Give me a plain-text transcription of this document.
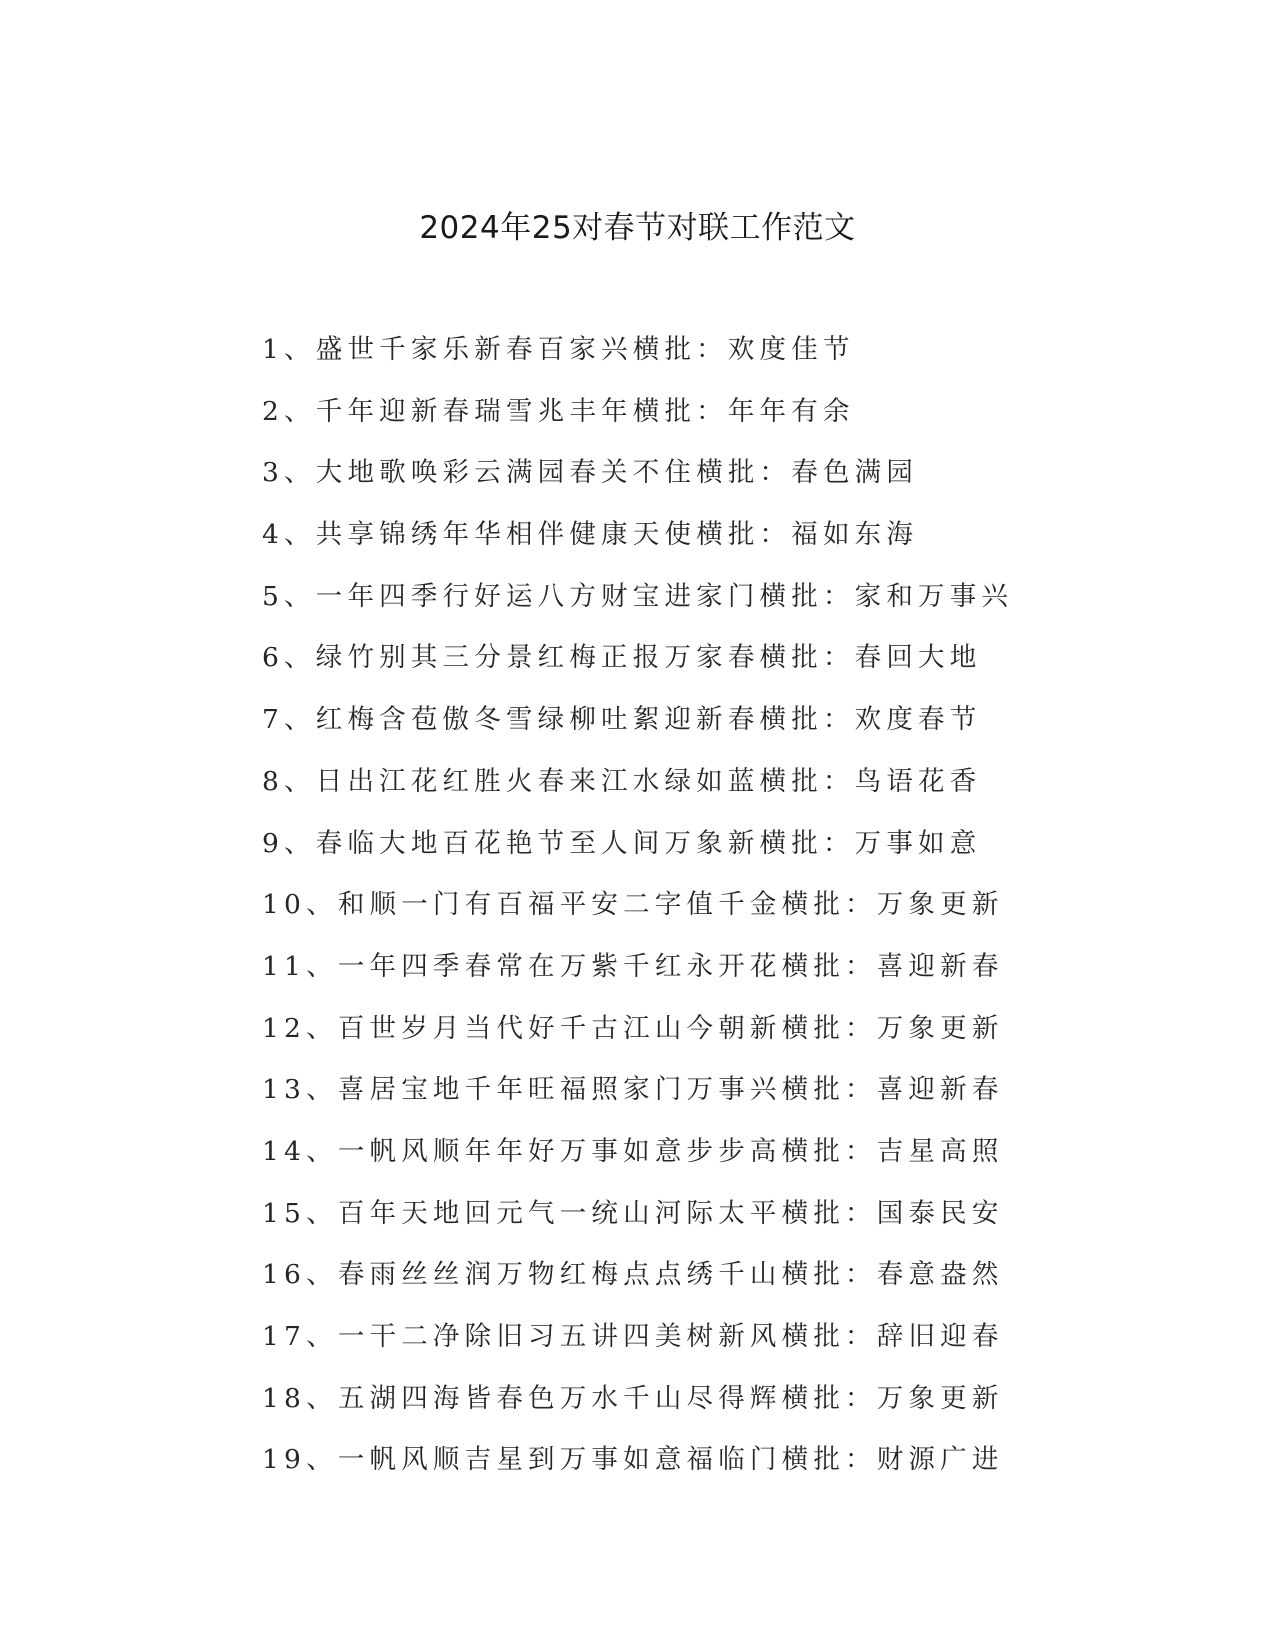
2024年25对春节对联工作范文
1、盛世千家乐新春百家兴横批：欢度佳节
2、千年迎新春瑞雪兆丰年横批：年年有余
3、大地歌唤彩云满园春关不住横批：春色满园
4、共享锦绣年华相伴健康天使横批：福如东海
5、一年四季行好运八方财宝进家门横批：家和万事兴
6、绿竹别其三分景红梅正报万家春横批：春回大地
7、红梅含苞傲冬雪绿柳吐絮迎新春横批：欢度春节
8、日出江花红胜火春来江水绿如蓝横批：鸟语花香
9、春临大地百花艳节至人间万象新横批：万事如意
10、和顺一门有百福平安二字值千金横批：万象更新
11、一年四季春常在万紫千红永开花横批：喜迎新春
12、百世岁月当代好千古江山今朝新横批：万象更新
13、喜居宝地千年旺福照家门万事兴横批：喜迎新春
14、一帆风顺年年好万事如意步步高横批：吉星高照
15、百年天地回元气一统山河际太平横批：国泰民安
16、春雨丝丝润万物红梅点点绣千山横批：春意盎然
17、一干二净除旧习五讲四美树新风横批：辞旧迎春
18、五湖四海皆春色万水千山尽得辉横批：万象更新
19、一帆风顺吉星到万事如意福临门横批：财源广进
